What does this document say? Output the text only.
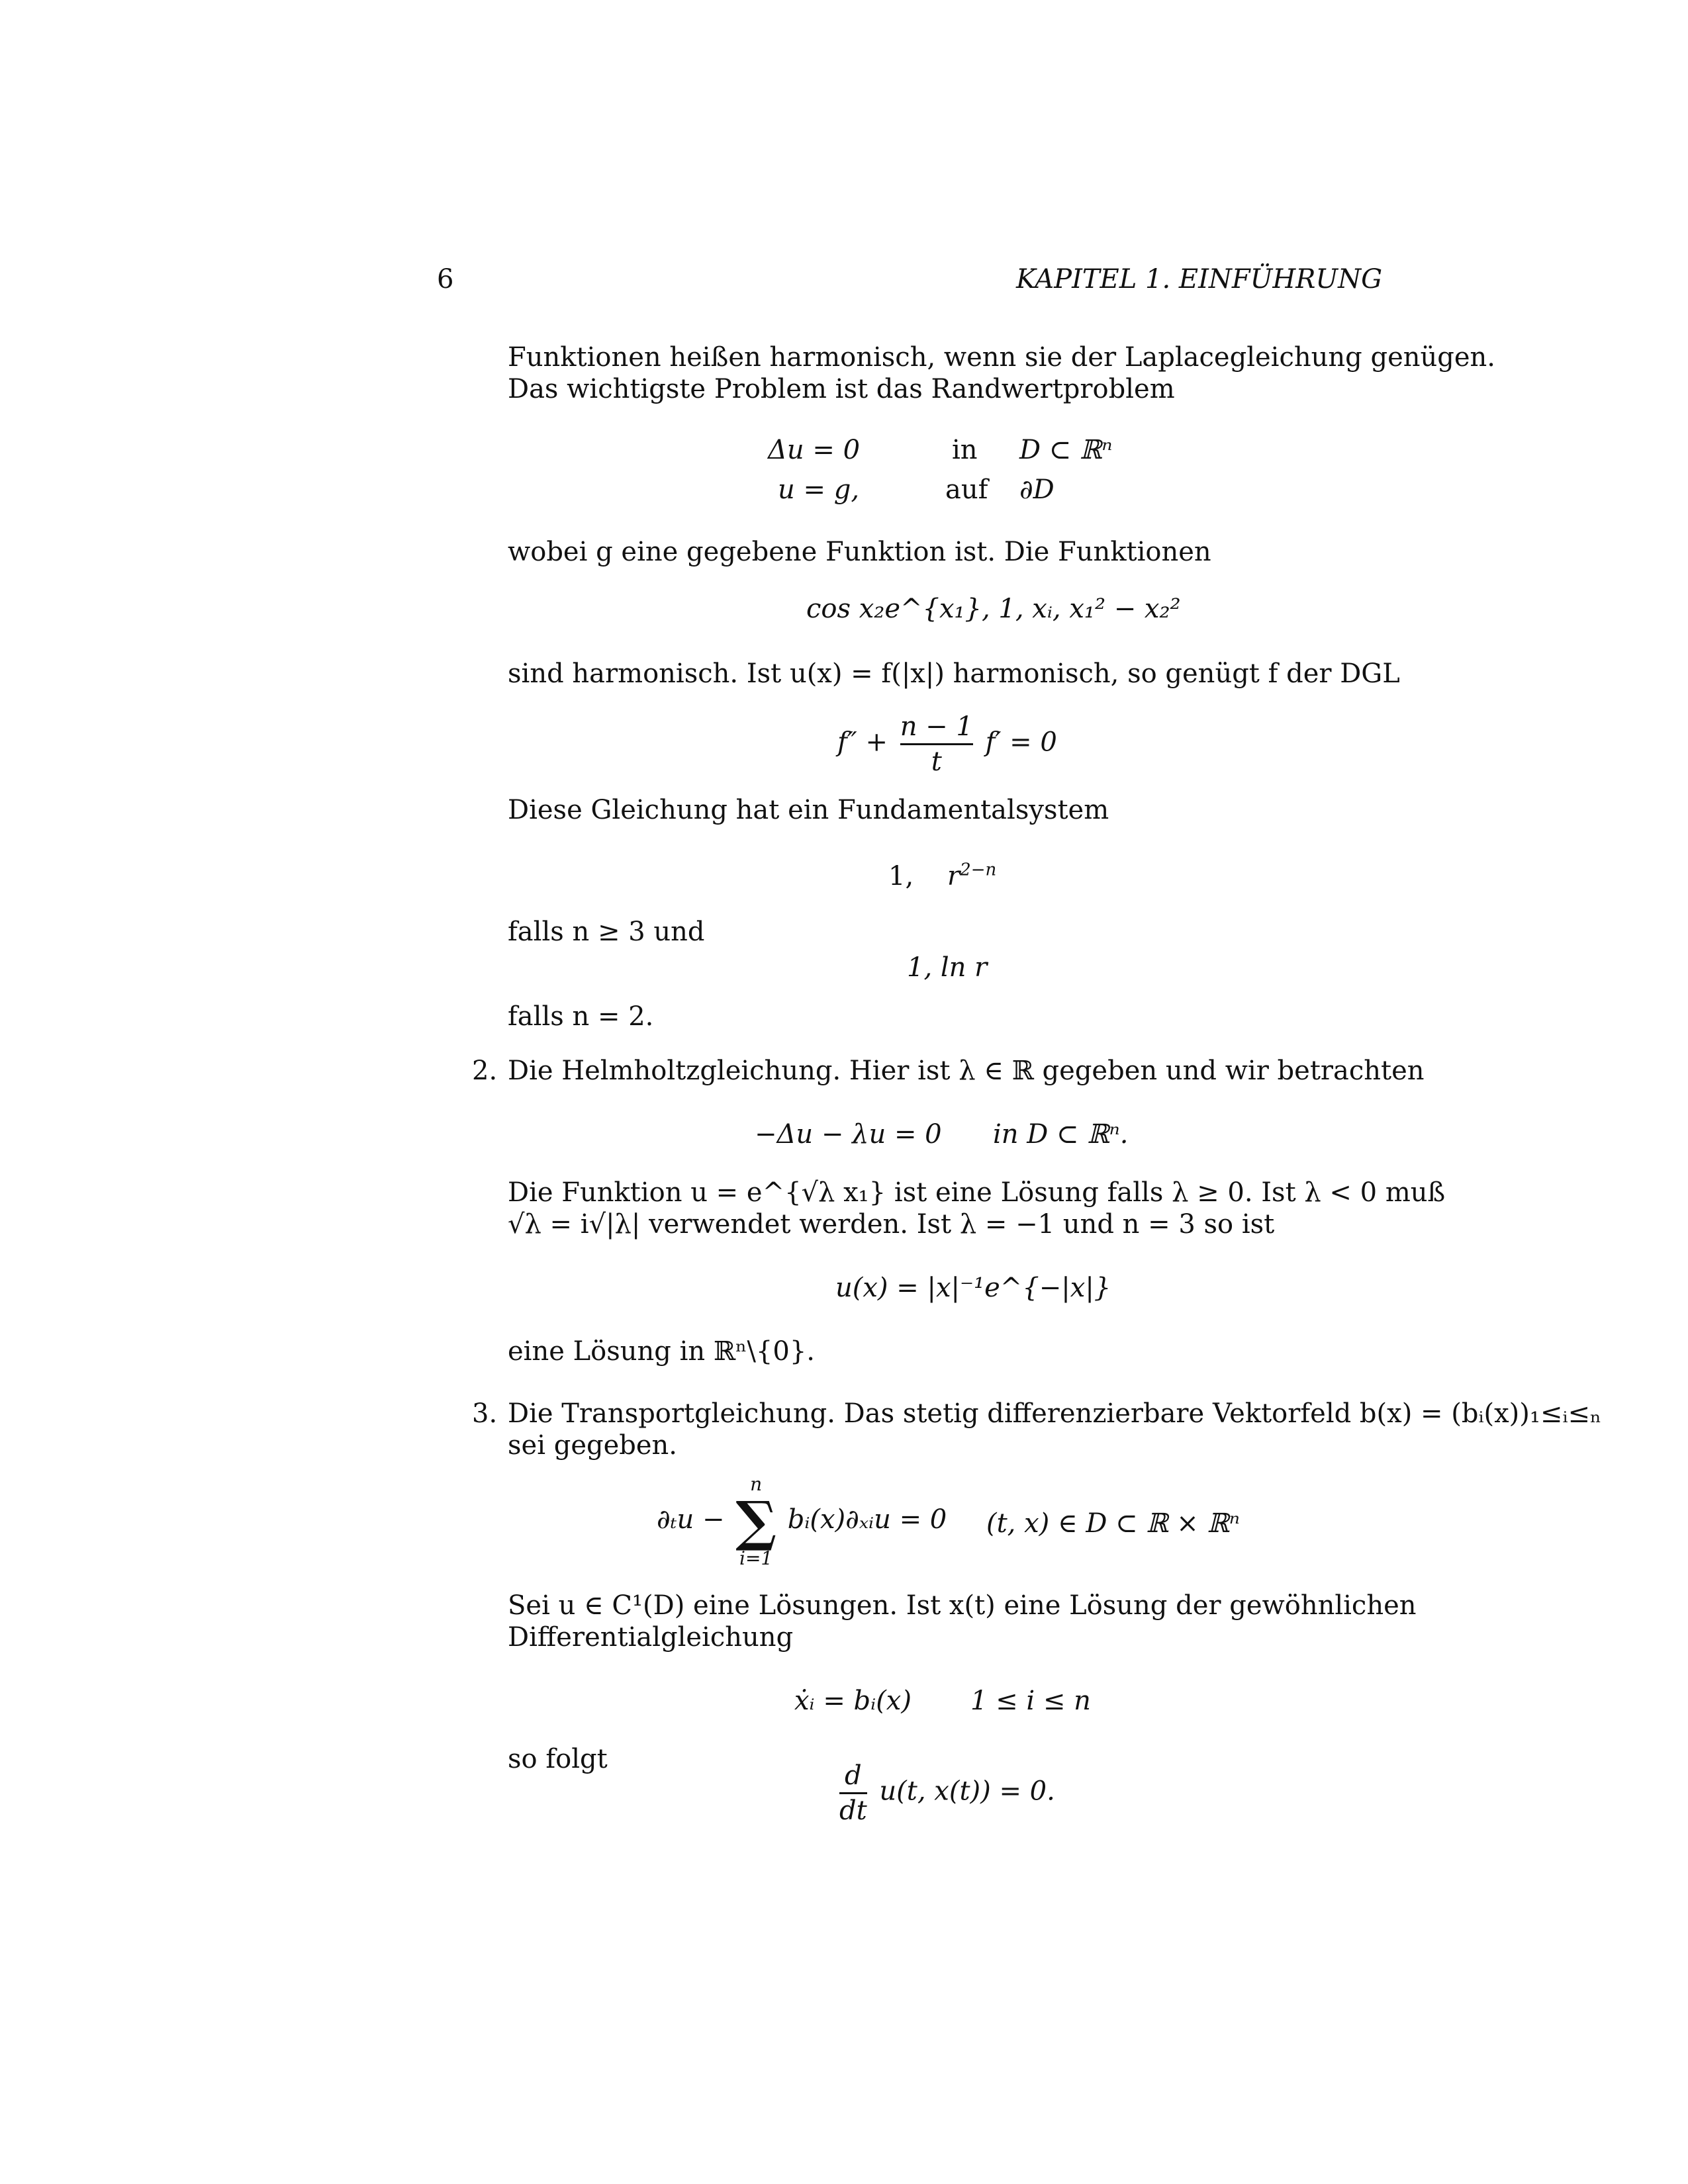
6	KAPITEL 1. EINFÜHRUNG
Funktionen heißen harmonisch, wenn sie der Laplacegleichung genügen.
Das wichtigste Problem ist das Randwertproblem
Δu = 0	in D ⊂ ℝⁿ
u = g,	auf ∂D
wobei g eine gegebene Funktion ist. Die Funktionen
cos x₂e^{x₁}, 1, xᵢ, x₁² − x₂²
sind harmonisch. Ist u(x) = f(|x|) harmonisch, so genügt f der DGL
$f'' + \frac{n - 1}{t} f' = 0$
Diese Gleichung hat ein Fundamentalsystem
1, $r^{2-n}$
falls n ≥ 3 und
1, ln r
falls n = 2.
2. Die Helmholtzgleichung. Hier ist λ ∈ ℝ gegeben und wir betrachten
−Δu − λu = 0 in D ⊂ ℝⁿ.
Die Funktion u = e^{√λ x₁} ist eine Lösung falls λ ≥ 0. Ist λ < 0 muß
√λ = i√|λ| verwendet werden. Ist λ = −1 und n = 3 so ist
u(x) = |x|⁻¹e^{−|x|}
eine Lösung in ℝⁿ\{0}.
3. Die Transportgleichung. Das stetig differenzierbare Vektorfeld b(x) = (bᵢ(x))₁≤ᵢ≤ₙ
sei gegeben.
∂ₜu −
n
∑
i=1
bᵢ(x)∂ₓᵢu = 0 (t, x) ∈ D ⊂ ℝ × ℝⁿ
Sei u ∈ C¹(D) eine Lösungen. Ist x(t) eine Lösung der gewöhnlichen
Differentialgleichung
ẋᵢ = bᵢ(x) 1 ≤ i ≤ n
so folgt
$\frac{d}{dt} u(t$, x(t)) = 0.
